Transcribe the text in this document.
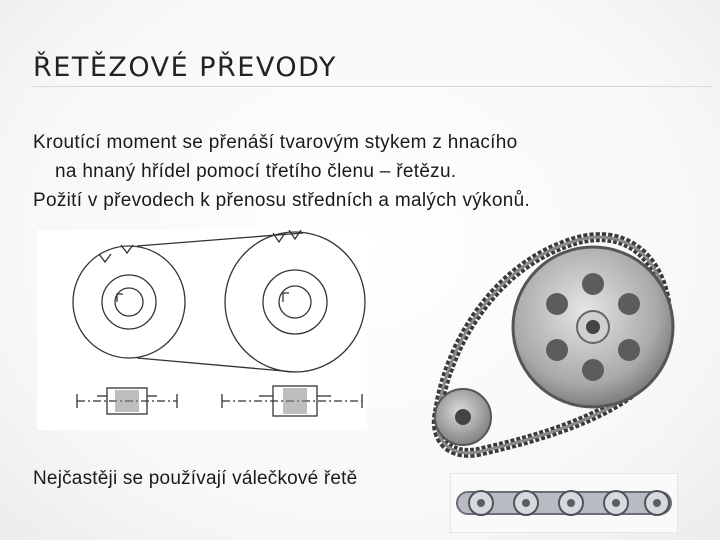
ŘETĚZOVÉ PŘEVODY

Kroutící moment se přenáší tvarovým stykem z hnacího

na hnaný hřídel pomocí třetího členu – řetězu.

Požití v převodech k přenosu středních a malých výkonů.

Nejčastěji se používají válečkové řetě
